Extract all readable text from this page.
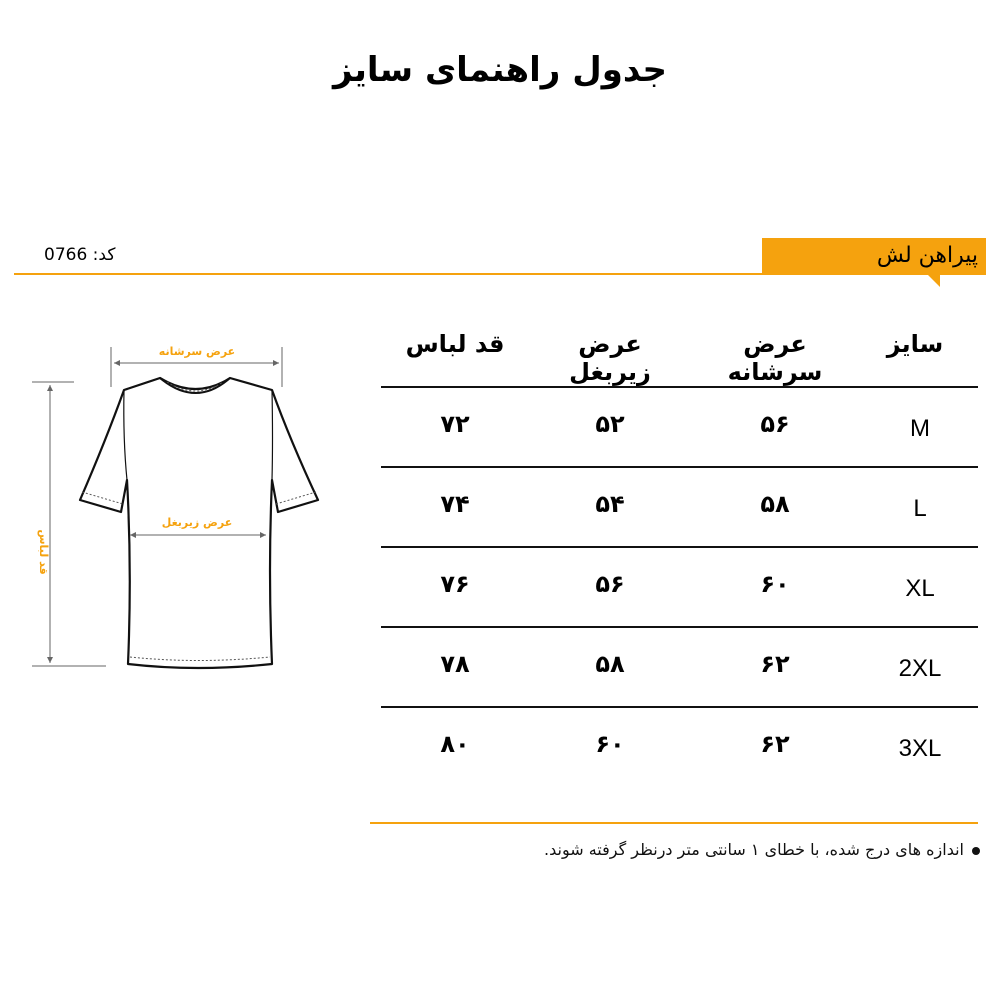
جدول راهنمای سایز
کد: 0766	پیراهن لش
عرض سرشانه
قد لباس
عرض زیربغل
سایز
عرض سرشانه
عرض زیربغل
قد لباس
M
۵۶
۵۲
۷۲
L
۵۸
۵۴
۷۴
XL
۶۰
۵۶
۷۶
2XL
۶۲
۵۸
۷۸
3XL
۶۲
۶۰
۸۰
اندازه های درج شده، با خطای ۱ سانتی متر درنظر گرفته شوند.
